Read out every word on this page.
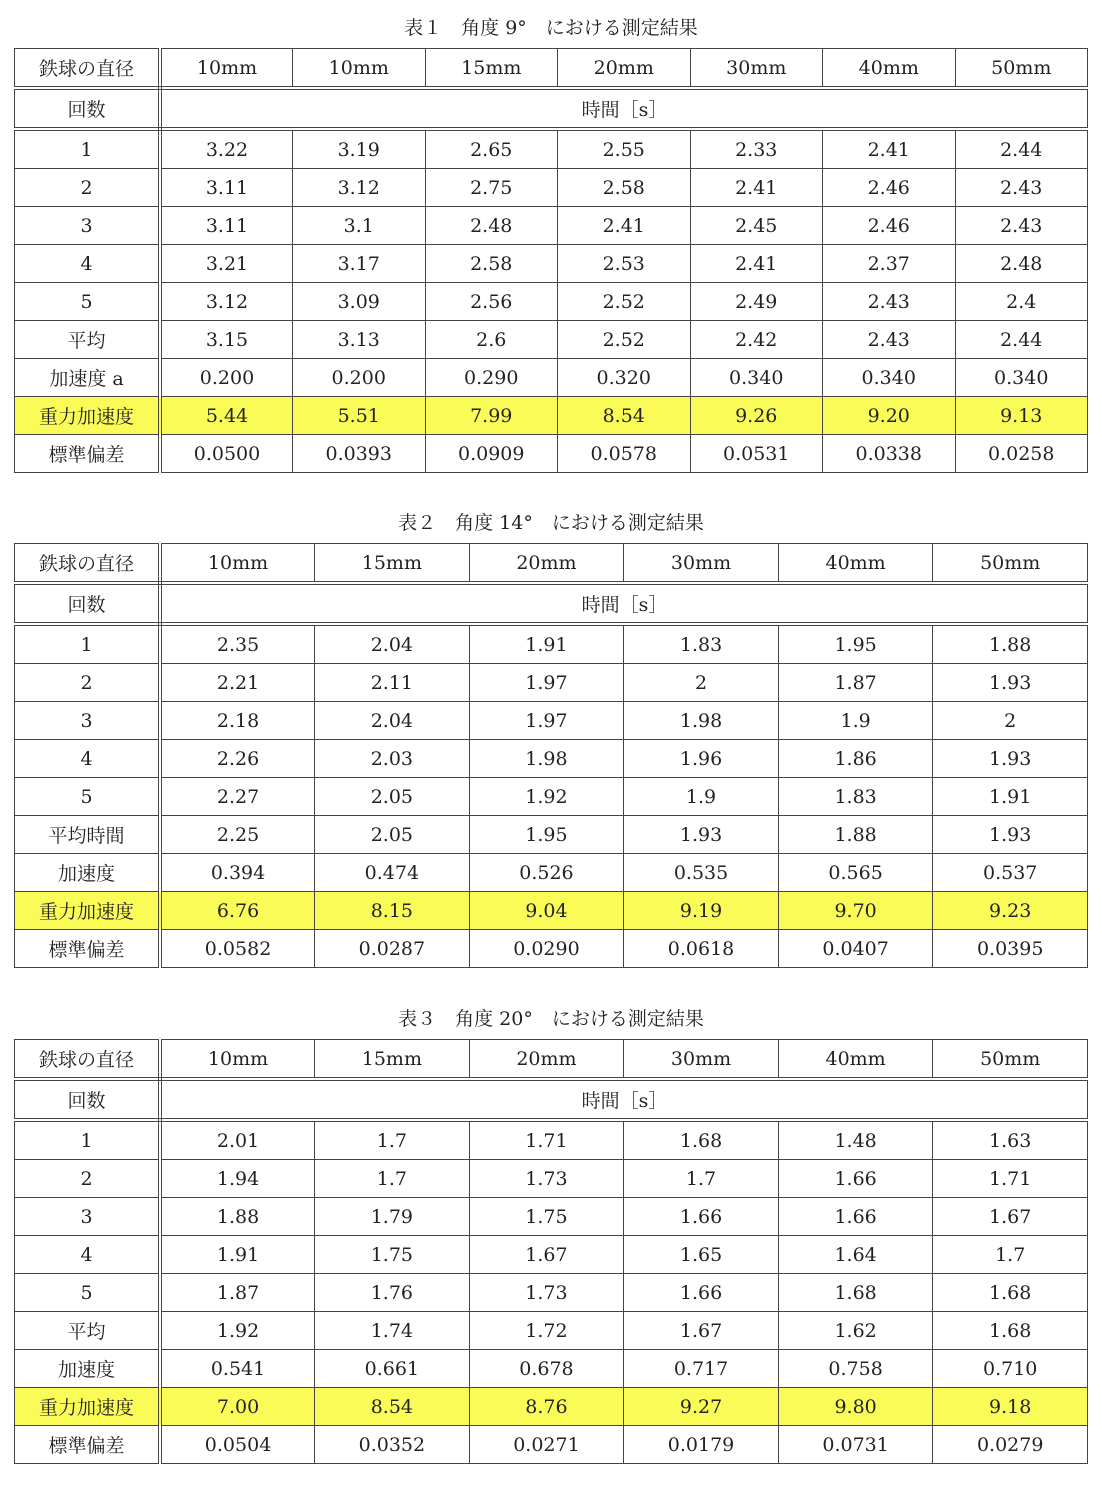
表１　角度 9°　における測定結果
鉄球の直径	10mm	10mm	15mm	20mm	30mm	40mm	50mm
回数	時間［s］						
1	3.22	3.19	2.65	2.55	2.33	2.41	2.44
2	3.11	3.12	2.75	2.58	2.41	2.46	2.43
3	3.11	3.1	2.48	2.41	2.45	2.46	2.43
4	3.21	3.17	2.58	2.53	2.41	2.37	2.48
5	3.12	3.09	2.56	2.52	2.49	2.43	2.4
平均	3.15	3.13	2.6	2.52	2.42	2.43	2.44
加速度 a	0.200	0.200	0.290	0.320	0.340	0.340	0.340
重力加速度	5.44	5.51	7.99	8.54	9.26	9.20	9.13
標準偏差	0.0500	0.0393	0.0909	0.0578	0.0531	0.0338	0.0258
表２　角度 14°　における測定結果
鉄球の直径	10mm	15mm	20mm	30mm	40mm	50mm
回数	時間［s］					
1	2.35	2.04	1.91	1.83	1.95	1.88
2	2.21	2.11	1.97	2	1.87	1.93
3	2.18	2.04	1.97	1.98	1.9	2
4	2.26	2.03	1.98	1.96	1.86	1.93
5	2.27	2.05	1.92	1.9	1.83	1.91
平均時間	2.25	2.05	1.95	1.93	1.88	1.93
加速度	0.394	0.474	0.526	0.535	0.565	0.537
重力加速度	6.76	8.15	9.04	9.19	9.70	9.23
標準偏差	0.0582	0.0287	0.0290	0.0618	0.0407	0.0395
表３　角度 20°　における測定結果
鉄球の直径	10mm	15mm	20mm	30mm	40mm	50mm
回数	時間［s］					
1	2.01	1.7	1.71	1.68	1.48	1.63
2	1.94	1.7	1.73	1.7	1.66	1.71
3	1.88	1.79	1.75	1.66	1.66	1.67
4	1.91	1.75	1.67	1.65	1.64	1.7
5	1.87	1.76	1.73	1.66	1.68	1.68
平均	1.92	1.74	1.72	1.67	1.62	1.68
加速度	0.541	0.661	0.678	0.717	0.758	0.710
重力加速度	7.00	8.54	8.76	9.27	9.80	9.18
標準偏差	0.0504	0.0352	0.0271	0.0179	0.0731	0.0279
